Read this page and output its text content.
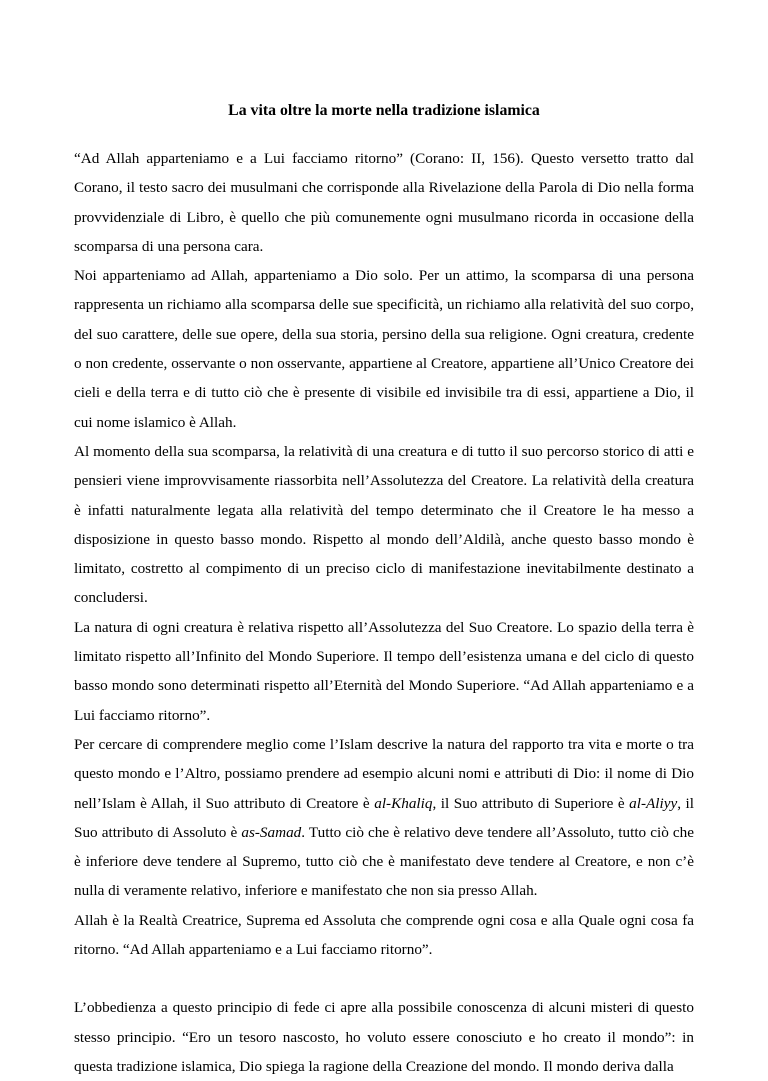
La vita oltre la morte nella tradizione islamica

“Ad Allah apparteniamo e a Lui facciamo ritorno” (Corano: II, 156). Questo versetto tratto dal Corano, il testo sacro dei musulmani che corrisponde alla Rivelazione della Parola di Dio nella forma provvidenziale di Libro, è quello che più comunemente ogni musulmano ricorda in occasione della scomparsa di una persona cara.

Noi apparteniamo ad Allah, apparteniamo a Dio solo. Per un attimo, la scomparsa di una persona rappresenta un richiamo alla scomparsa delle sue specificità, un richiamo alla relatività del suo corpo, del suo carattere, delle sue opere, della sua storia, persino della sua religione. Ogni creatura, credente o non credente, osservante o non osservante, appartiene al Creatore, appartiene all’Unico Creatore dei cieli e della terra e di tutto ciò che è presente di visibile ed invisibile tra di essi, appartiene a Dio, il cui nome islamico è Allah.

Al momento della sua scomparsa, la relatività di una creatura e di tutto il suo percorso storico di atti e pensieri viene improvvisamente riassorbita nell’Assolutezza del Creatore. La relatività della creatura è infatti naturalmente legata alla relatività del tempo determinato che il Creatore le ha messo a disposizione in questo basso mondo. Rispetto al mondo dell’Aldilà, anche questo basso mondo è limitato, costretto al compimento di un preciso ciclo di manifestazione inevitabilmente destinato a concludersi.

La natura di ogni creatura è relativa rispetto all’Assolutezza del Suo Creatore. Lo spazio della terra è limitato rispetto all’Infinito del Mondo Superiore. Il tempo dell’esistenza umana e del ciclo di questo basso mondo sono determinati rispetto all’Eternità del Mondo Superiore. “Ad Allah apparteniamo e a Lui facciamo ritorno”.

Per cercare di comprendere meglio come l’Islam descrive la natura del rapporto tra vita e morte o tra questo mondo e l’Altro, possiamo prendere ad esempio alcuni nomi e attributi di Dio: il nome di Dio nell’Islam è Allah, il Suo attributo di Creatore è al-Khaliq, il Suo attributo di Superiore è al-Aliyy, il Suo attributo di Assoluto è as-Samad. Tutto ciò che è relativo deve tendere all’Assoluto, tutto ciò che è inferiore deve tendere al Supremo, tutto ciò che è manifestato deve tendere al Creatore, e non c’è nulla di veramente relativo, inferiore e manifestato che non sia presso Allah.

Allah è la Realtà Creatrice, Suprema ed Assoluta che comprende ogni cosa e alla Quale ogni cosa fa ritorno. “Ad Allah apparteniamo e a Lui facciamo ritorno”.

L’obbedienza a questo principio di fede ci apre alla possibile conoscenza di alcuni misteri di questo stesso principio. “Ero un tesoro nascosto, ho voluto essere conosciuto e ho creato il mondo”: in questa tradizione islamica, Dio spiega la ragione della Creazione del mondo. Il mondo deriva dalla
